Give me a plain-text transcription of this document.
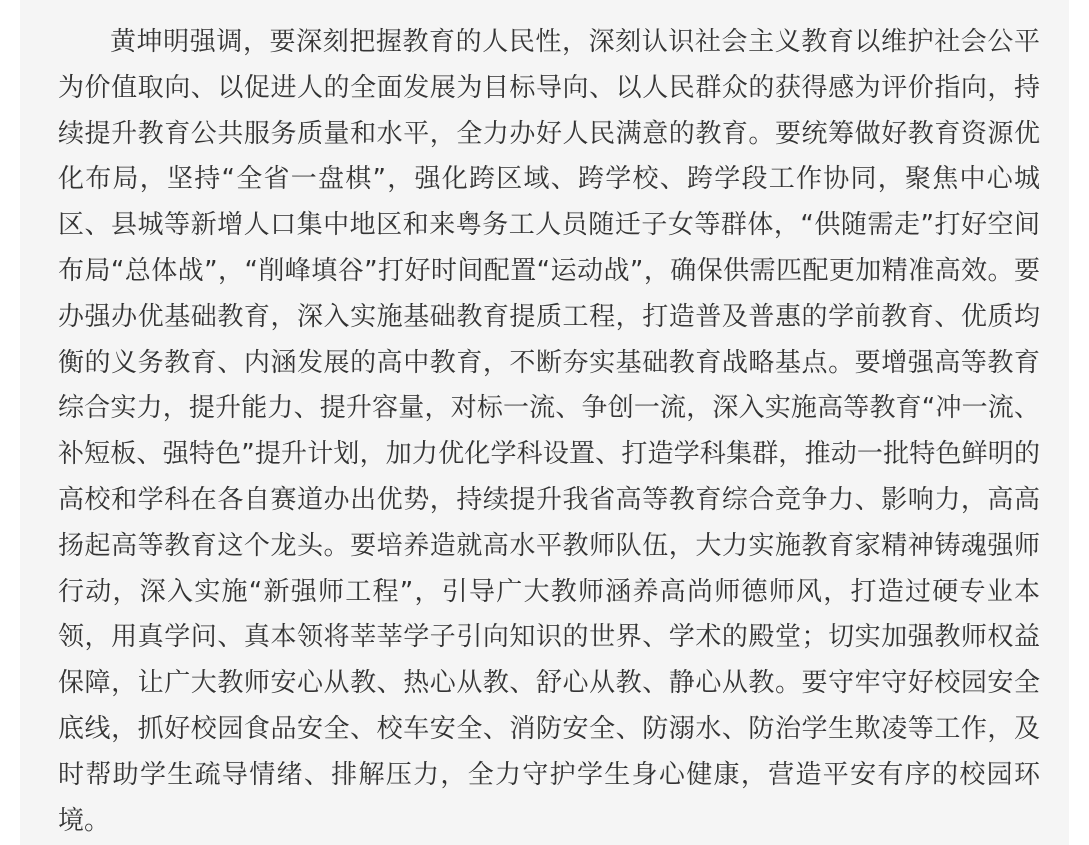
黄坤明强调，要深刻把握教育的人民性，深刻认识社会主义教育以维护社会公平为价值取向、以促进人的全面发展为目标导向、以人民群众的获得感为评价指向，持续提升教育公共服务质量和水平，全力办好人民满意的教育。要统筹做好教育资源优化布局，坚持“全省一盘棋”，强化跨区域、跨学校、跨学段工作协同，聚焦中心城区、县城等新增人口集中地区和来粤务工人员随迁子女等群体，“供随需走”打好空间布局“总体战”，“削峰填谷”打好时间配置“运动战”，确保供需匹配更加精准高效。要办强办优基础教育，深入实施基础教育提质工程，打造普及普惠的学前教育、优质均衡的义务教育、内涵发展的高中教育，不断夯实基础教育战略基点。要增强高等教育综合实力，提升能力、提升容量，对标一流、争创一流，深入实施高等教育“冲一流、补短板、强特色”提升计划，加力优化学科设置、打造学科集群，推动一批特色鲜明的高校和学科在各自赛道办出优势，持续提升我省高等教育综合竞争力、影响力，高高扬起高等教育这个龙头。要培养造就高水平教师队伍，大力实施教育家精神铸魂强师行动，深入实施“新强师工程”，引导广大教师涵养高尚师德师风，打造过硬专业本领，用真学问、真本领将莘莘学子引向知识的世界、学术的殿堂；切实加强教师权益保障，让广大教师安心从教、热心从教、舒心从教、静心从教。要守牢守好校园安全底线，抓好校园食品安全、校车安全、消防安全、防溺水、防治学生欺凌等工作，及时帮助学生疏导情绪、排解压力，全力守护学生身心健康，营造平安有序的校园环境。
